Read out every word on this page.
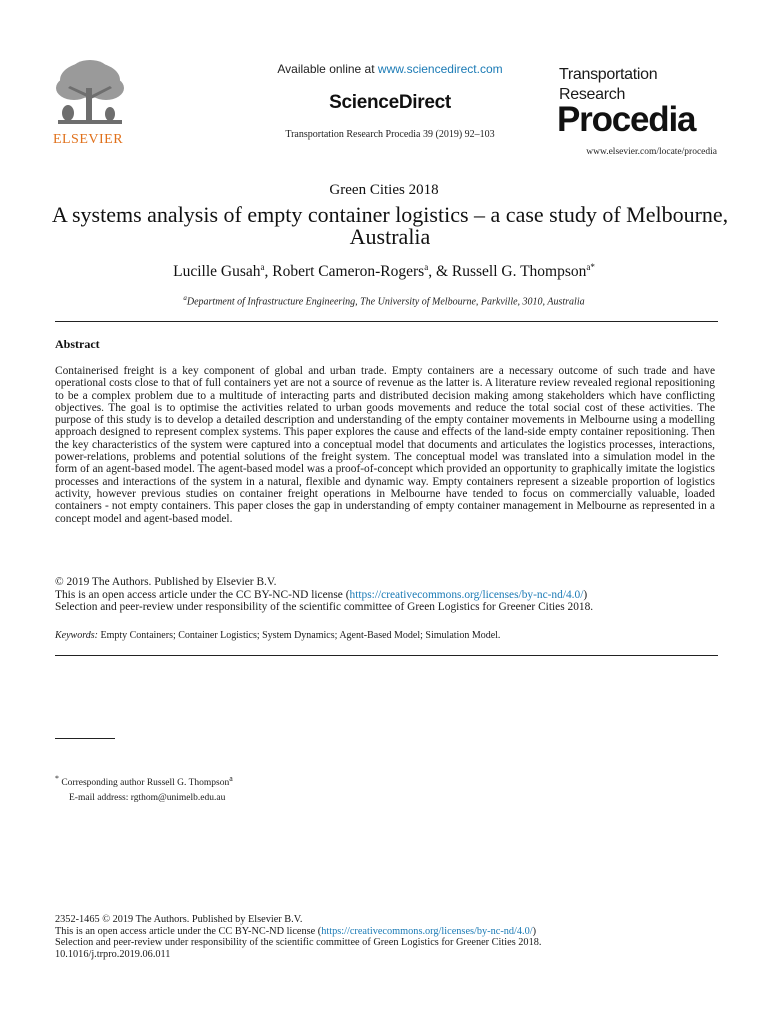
ELSEVIER
Available online at www.sciencedirect.com
ScienceDirect
Transportation Research Procedia 39 (2019) 92–103
Transportation
Research
Procedia
www.elsevier.com/locate/procedia
Green Cities 2018
A systems analysis of empty container logistics – a case study of Melbourne, Australia
Lucille Gusah$^a$, Robert Cameron-Rogers$^a$, & Russell G. Thompson$^{a*}$
$^a$Department of Infrastructure Engineering, The University of Melbourne, Parkville, 3010, Australia
Abstract
Containerised freight is a key component of global and urban trade. Empty containers are a necessary outcome of such trade and have operational costs close to that of full containers yet are not a source of revenue as the latter is. A literature review revealed regional repositioning to be a complex problem due to a multitude of interacting parts and distributed decision making among stakeholders which have conflicting objectives. The goal is to optimise the activities related to urban goods movements and reduce the total social cost of these activities. The purpose of this study is to develop a detailed description and understanding of the empty container movements in Melbourne using a modelling approach designed to represent complex systems. This paper explores the cause and effects of the land-side empty container repositioning. Then the key characteristics of the system were captured into a conceptual model that documents and articulates the logistics processes, interactions, power-relations, problems and potential solutions of the freight system. The conceptual model was translated into a simulation model in the form of an agent-based model. The agent-based model was a proof-of-concept which provided an opportunity to graphically imitate the logistics processes and interactions of the system in a natural, flexible and dynamic way. Empty containers represent a sizeable proportion of logistics activity, however previous studies on container freight operations in Melbourne have tended to focus on commercially valuable, loaded containers - not empty containers. This paper closes the gap in understanding of empty container management in Melbourne as represented in a concept model and agent-based model.
© 2019 The Authors. Published by Elsevier B.V.
This is an open access article under the CC BY-NC-ND license (https://creativecommons.org/licenses/by-nc-nd/4.0/)
Selection and peer-review under responsibility of the scientific committee of Green Logistics for Greener Cities 2018.
Keywords: Empty Containers; Container Logistics; System Dynamics; Agent-Based Model; Simulation Model.
* Corresponding author Russell G. Thompson$^a$
E-mail address: rgthom@unimelb.edu.au
2352-1465 © 2019 The Authors. Published by Elsevier B.V.
This is an open access article under the CC BY-NC-ND license (https://creativecommons.org/licenses/by-nc-nd/4.0/)
Selection and peer-review under responsibility of the scientific committee of Green Logistics for Greener Cities 2018.
10.1016/j.trpro.2019.06.011
